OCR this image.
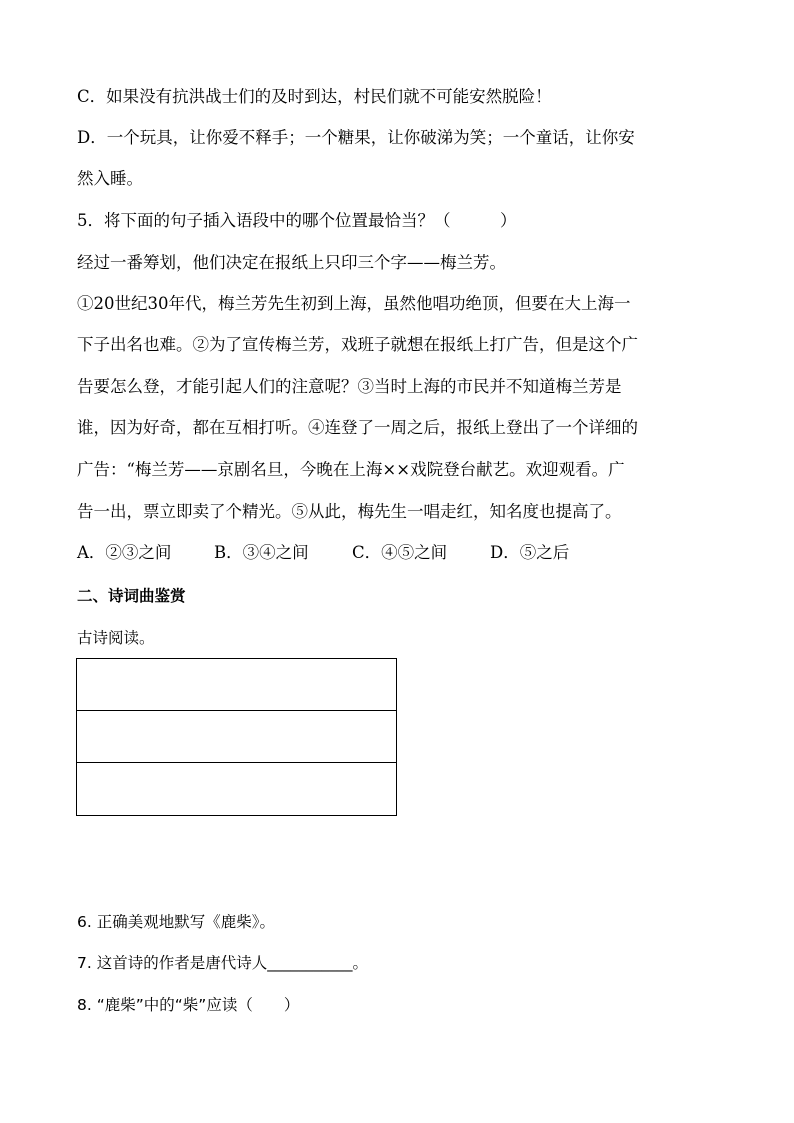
C．如果没有抗洪战士们的及时到达，村民们就不可能安然脱险！

D．一个玩具，让你爱不释手；一个糖果，让你破涕为笑；一个童话，让你安

然入睡。

5．将下面的句子插入语段中的哪个位置最恰当？（　　　）

经过一番筹划，他们决定在报纸上只印三个字——梅兰芳。

①20世纪30年代，梅兰芳先生初到上海，虽然他唱功绝顶，但要在大上海一

下子出名也难。②为了宣传梅兰芳，戏班子就想在报纸上打广告，但是这个广

告要怎么登，才能引起人们的注意呢？③当时上海的市民并不知道梅兰芳是

谁，因为好奇，都在互相打听。④连登了一周之后，报纸上登出了一个详细的

广告：“梅兰芳——京剧名旦，今晚在上海××戏院登台献艺。欢迎观看。广

告一出，票立即卖了个精光。⑤从此，梅先生一唱走红，知名度也提高了。

A．②③之间	B．③④之间	C．④⑤之间	D．⑤之后

二、诗词曲鉴赏

古诗阅读。

6. 正确美观地默写《鹿柴》。

7. 这首诗的作者是唐代诗人___________。

8. “鹿柴”中的“柴”应读（　　）
